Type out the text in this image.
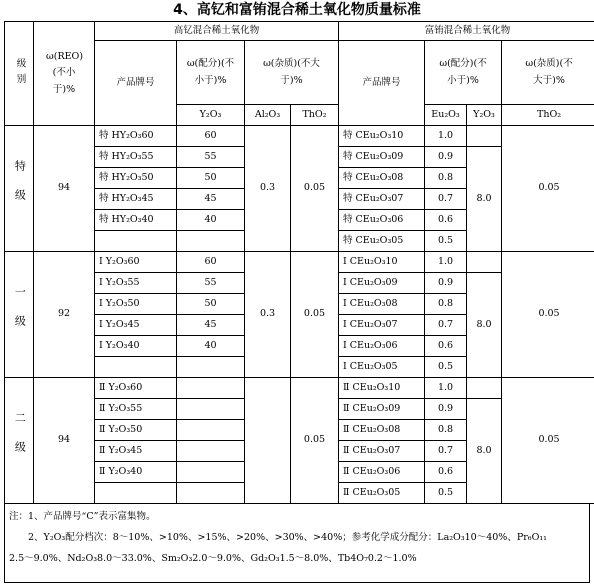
4、高钇和富铕混合稀土氧化物质量标准
级别	ω(REO)(不小于)%	高钇混合稀土氧化物				富铕混合稀土氧化物			
		产品牌号	ω(配分)(不小于)%	ω(杂质)(不大于)%		产品牌号	ω(配分)(不小于)%		ω(杂质)(不大于)%
			Y₂O₃	Al₂O₃	ThO₂		Eu₂O₃	Y₂O₃	ThO₂
特级	94	特 HY₂O₃60	60	0.3	0.05	特 CEu₂O₃10	1.0		0.05
		特 HY₂O₃55	55			特 CEu₂O₃09	0.9	8.0	
		特 HY₂O₃50	50			特 CEu₂O₃08	0.8		
		特 HY₂O₃45	45			特 CEu₂O₃07	0.7		
		特 HY₂O₃40	40			特 CEu₂O₃06	0.6		
						特 CEu₂O₃05	0.5		
一级	92	Ⅰ Y₂O₃60	60	0.3	0.05	Ⅰ CEu₂O₃10	1.0		0.05
		Ⅰ Y₂O₃55	55			Ⅰ CEu₂O₃09	0.9	8.0	
		Ⅰ Y₂O₃50	50			Ⅰ CEu₂O₃08	0.8		
		Ⅰ Y₂O₃45	45			Ⅰ CEu₂O₃07	0.7		
		Ⅰ Y₂O₃40	40			Ⅰ CEu₂O₃06	0.6		
						Ⅰ CEu₂O₃05	0.5		
二级	94	Ⅱ Y₂O₃60			0.05	Ⅱ CEu₂O₃10	1.0		0.05
		Ⅱ Y₂O₃55				Ⅱ CEu₂O₃09	0.9	8.0	
		Ⅱ Y₂O₃50				Ⅱ CEu₂O₃08	0.8		
		Ⅱ Y₂O₃45				Ⅱ CEu₂O₃07	0.7		
		Ⅱ Y₂O₃40				Ⅱ CEu₂O₃06	0.6		
						Ⅱ CEu₂O₃05	0.5		
注：1、产品牌号“C”表示富集物。
　　2、Y₂O₃配分档次：8～10%、>10%、>15%、>20%、>30%、>40%；参考化学成分配分：La₂O₃10～40%、Pr₆O₁₁
2.5～9.0%、Nd₂O₃8.0～33.0%、Sm₂O₃2.0～9.0%、Gd₂O₃1.5～8.0%、Tb4O₇0.2～1.0%
